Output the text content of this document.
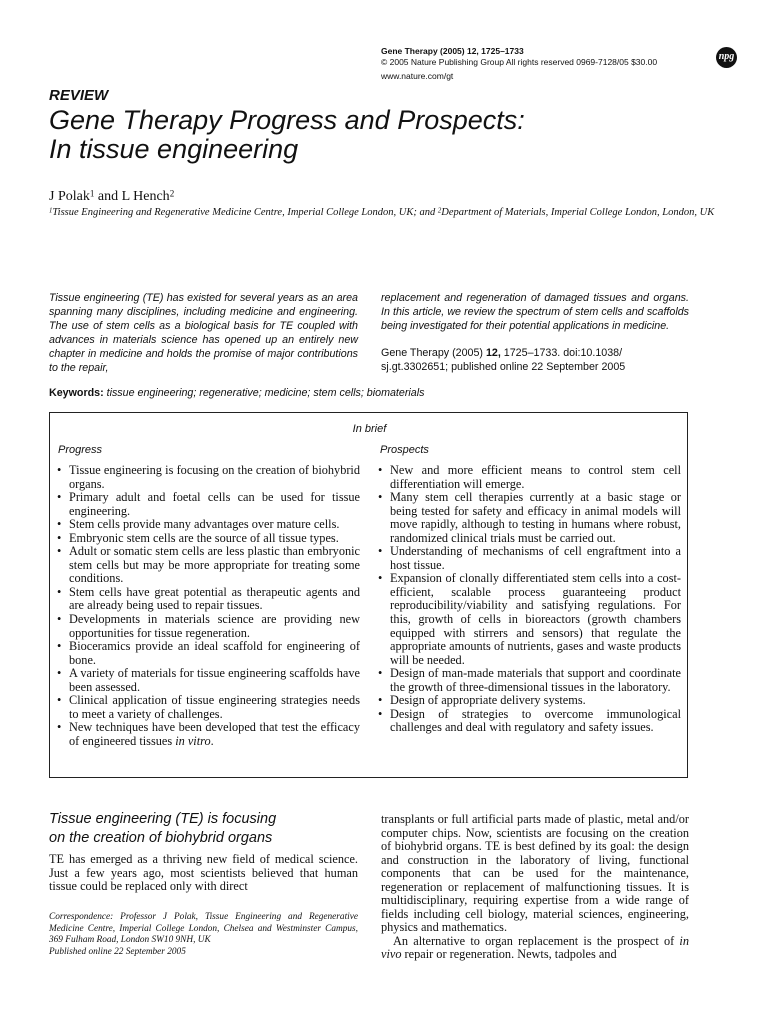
Gene Therapy (2005) 12, 1725–1733
© 2005 Nature Publishing Group All rights reserved 0969-7128/05 $30.00
www.nature.com/gt
npg
REVIEW
Gene Therapy Progress and Prospects:
In tissue engineering
J Polak$^1$ and L Hench$^2$
$^1$Tissue Engineering and Regenerative Medicine Centre, Imperial College London, UK; and $^2$Department of Materials, Imperial College London, London, UK
Tissue engineering (TE) has existed for several years as an area spanning many disciplines, including medicine and engineering. The use of stem cells as a biological basis for TE coupled with advances in materials science has opened up an entirely new chapter in medicine and holds the promise of major contributions to the repair,
replacement and regeneration of damaged tissues and organs. In this article, we review the spectrum of stem cells and scaffolds being investigated for their potential applications in medicine.
Gene Therapy (2005) 12, 1725–1733. doi:10.1038/ sj.gt.3302651; published online 22 September 2005
Keywords: tissue engineering; regenerative; medicine; stem cells; biomaterials
In brief
Progress	Prospects
• Tissue engineering is focusing on the creation of biohybrid organs.
• Primary adult and foetal cells can be used for tissue engineering.
• Stem cells provide many advantages over mature cells.
• Embryonic stem cells are the source of all tissue types.
• Adult or somatic stem cells are less plastic than embryonic stem cells but may be more appropriate for treating some conditions.
• Stem cells have great potential as therapeutic agents and are already being used to repair tissues.
• Developments in materials science are providing new opportunities for tissue regeneration.
• Bioceramics provide an ideal scaffold for engineering of bone.
• A variety of materials for tissue engineering scaffolds have been assessed.
• Clinical application of tissue engineering strategies needs to meet a variety of challenges.
• New techniques have been developed that test the efficacy of engineered tissues in vitro.
• New and more efficient means to control stem cell differentiation will emerge.
• Many stem cell therapies currently at a basic stage or being tested for safety and efficacy in animal models will move rapidly, although to testing in humans where robust, randomized clinical trials must be carried out.
• Understanding of mechanisms of cell engraftment into a host tissue.
• Expansion of clonally differentiated stem cells into a cost-efficient, scalable process guaranteeing product reproducibility/viability and satisfying regulations. For this, growth of cells in bioreactors (growth chambers equipped with stirrers and sensors) that regulate the appropriate amounts of nutrients, gases and waste products will be needed.
• Design of man-made materials that support and coordinate the growth of three-dimensional tissues in the laboratory.
• Design of appropriate delivery systems.
• Design of strategies to overcome immunological challenges and deal with regulatory and safety issues.
Tissue engineering (TE) is focusing
on the creation of biohybrid organs
TE has emerged as a thriving new field of medical science. Just a few years ago, most scientists believed that human tissue could be replaced only with direct
Correspondence: Professor J Polak, Tissue Engineering and Regenerative Medicine Centre, Imperial College London, Chelsea and Westminster Campus, 369 Fulham Road, London SW10 9NH, UK
Published online 22 September 2005

transplants or full artificial parts made of plastic, metal and/or computer chips. Now, scientists are focusing on the creation of biohybrid organs. TE is best defined by its goal: the design and construction in the laboratory of living, functional components that can be used for the maintenance, regeneration or replacement of malfunctioning tissues. It is multidisciplinary, requiring expertise from a wide range of fields including cell biology, material sciences, engineering, physics and mathematics.

An alternative to organ replacement is the prospect of in vivo repair or regeneration. Newts, tadpoles and
